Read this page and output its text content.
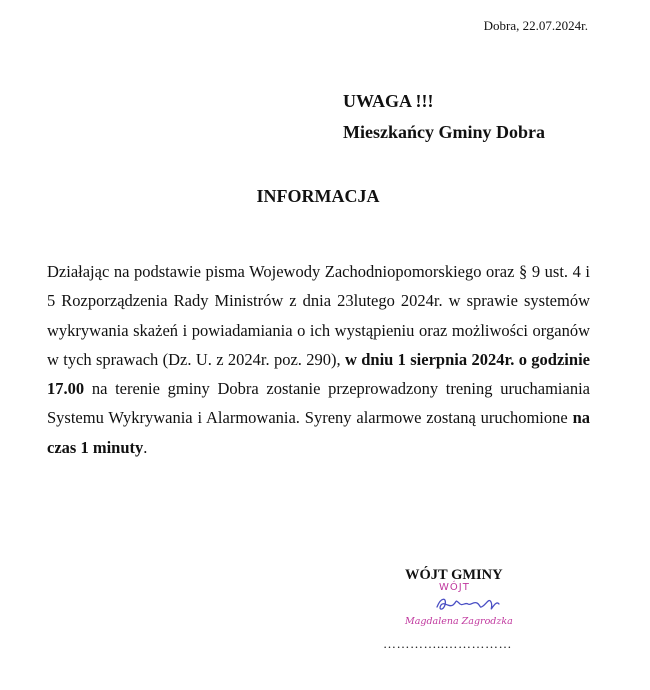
Dobra, 22.07.2024r.
UWAGA !!!
Mieszkańcy Gminy Dobra
INFORMACJA
Działając na podstawie pisma Wojewody Zachodniopomorskiego oraz § 9 ust. 4 i 5 Rozporządzenia Rady Ministrów z dnia 23lutego 2024r. w sprawie systemów wykrywania skażeń i powiadamiania o ich wystąpieniu oraz możliwości organów w tych sprawach (Dz. U. z 2024r. poz. 290), w dniu 1 sierpnia 2024r. o godzinie 17.00 na terenie gminy Dobra zostanie przeprowadzony trening uruchamiania Systemu Wykrywania i Alarmowania. Syreny alarmowe zostaną uruchomione na czas 1 minuty.
WÓJT GMINY
WÓJT
Magdalena Zagrodzka
…………..……………
